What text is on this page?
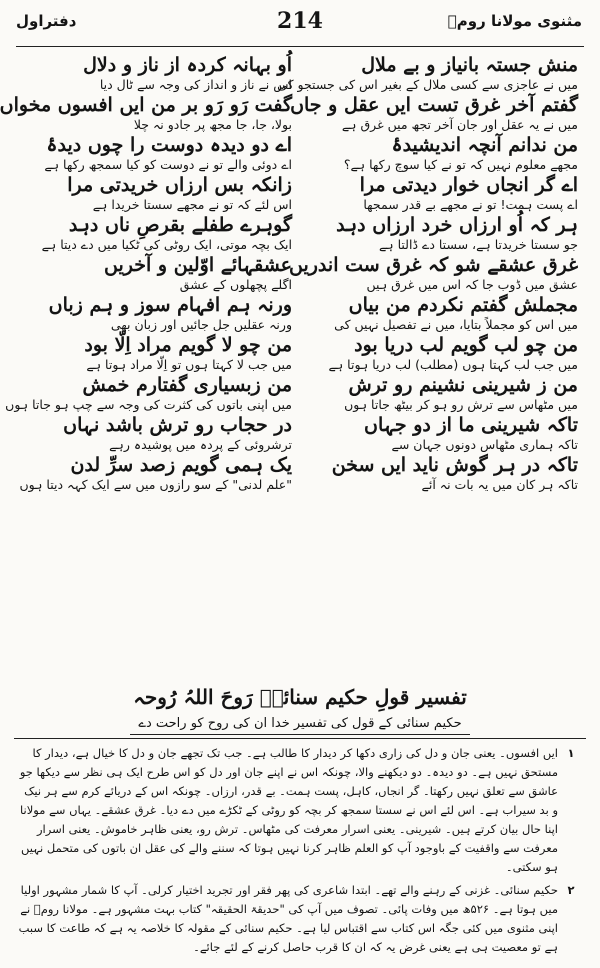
مثنوی مولانا رومؒ
214
دفتراول
منش جستہ بانیاز و بے ملال
اُو بہانہ کردہ از ناز و دلال
میں نے عاجزی سے کسی ملال کے بغیر اس کی جستجو کی
اس نے ناز و انداز کی وجہ سے ٹال دیا
گفتم آخر غرق تست ایں عقل و جاں
گفت رَو رَو بر من ایں افسوں مخواں
میں نے یہ عقل اور جان آخر تجھ میں غرق ہے
بولا، جا، جا مجھ پر جادو نہ چلا
من ندانم آنچہ اندیشیدۂ
اے دو دیدہ دوست را چوں دیدۂ
مجھے معلوم نہیں کہ تو نے کیا سوچ رکھا ہے؟
اے دوئی والے تو نے دوست کو کیا سمجھ رکھا ہے
اے گر انجاں خوار دیدتی مرا
زانکہ بس ارزاں خریدتی مرا
اے پست ہمت! تو نے مجھے بے قدر سمجھا
اس لئے کہ تو نے مجھے سستا خریدا ہے
ہر کہ اُو ارزاں خرد ارزاں دہد
گوہرے طفلے بقرصِ ناں دہد
جو سستا خریدتا ہے، سستا دے ڈالتا ہے
ایک بچہ موتی، ایک روٹی کی ٹکیا میں دے دیتا ہے
غرق عشقے شو کہ غرق ست اندریں
عشقہائے اوّلین و آخریں
عشق میں ڈوب جا کہ اس میں غرق ہیں
اگلے پچھلوں کے عشق
مجملش گفتم نکردم من بیاں
ورنہ ہم افہام سوز و ہم زباں
میں اس کو مجملاً بتایا، میں نے تفصیل نہیں کی
ورنہ عقلیں جل جائیں اور زبان بھی
من چو لب گویم لب دریا بود
من چو لا گویم مراد اِلّا بود
میں جب لب کہتا ہوں (مطلب) لب دریا ہوتا ہے
میں جب لا کہتا ہوں تو اِلّا مراد ہوتا ہے
من ز شیرینی نشینم رو ترش
من زبسیاری گفتارم خمش
میں مٹھاس سے ترش رو ہو کر بیٹھ جاتا ہوں
میں اپنی باتوں کی کثرت کی وجہ سے چپ ہو جاتا ہوں
تاکہ شیرینی ما از دو جہاں
در حجاب رو ترش باشد نہاں
تاکہ ہماری مٹھاس دونوں جہان سے
ترشروئی کے پردہ میں پوشیدہ رہے
تاکہ در ہر گوش ناید ایں سخن
یک ہمی گویم زصد سرِّ لدن
تاکہ ہر کان میں یہ بات نہ آئے
"علم لدنی" کے سو رازوں میں سے ایک کہہ دیتا ہوں
تفسیر قولِ حکیم سنائیؒ رَوحَ اللہُ رُوحہ
حکیم سنائی کے قول کی تفسیر خدا ان کی روح کو راحت دے
۱
ایں افسوں۔ یعنی جان و دل کی زاری دکھا کر دیدار کا طالب ہے۔ جب تک تجھے جان و دل کا خیال ہے، دیدار کا مستحق نہیں ہے۔ دو دیدہ۔ دو دیکھنے والا، چونکہ اس نے اپنے جان اور دل کو اس طرح ایک ہی نظر سے دیکھا جو عاشق سے تعلق نہیں رکھتا۔ گر انجاں، کاہل، پست ہمت۔ بے قدر، ارزاں۔ چونکہ اس کے دریائے کرم سے ہر نیک و بد سیراب ہے۔ اس لئے اس نے سستا سمجھ کر بچہ کو روٹی کے ٹکڑے میں دے دیا۔ غرق عشقے۔ یہاں سے مولانا اپنا حال بیان کرتے ہیں۔ شیرینی۔ یعنی اسرار معرفت کی مٹھاس۔ ترش رو، یعنی ظاہر خاموش۔ یعنی اسرار معرفت سے واقفیت کے باوجود آپ کو العلم ظاہر کرنا نہیں ہوتا کہ سننے والے کی عقل ان باتوں کی متحمل نہیں ہو سکتی۔
۲
حکیم سنائی۔ غزنی کے رہنے والے تھے۔ ابتدا شاعری کی پھر فقر اور تجرید اختیار کرلی۔ آپ کا شمار مشہور اولیا میں ہوتا ہے۔ ۵۲۶ھ میں وفات پائی۔ تصوف میں آپ کی "حدیقۃ الحقیقہ" کتاب بہت مشہور ہے۔ مولانا رومؒ نے اپنی مثنوی میں کئی جگہ اس کتاب سے اقتباس لیا ہے۔ حکیم سنائی کے مقولہ کا خلاصہ یہ ہے کہ طاعت کا سبب ہے تو معصیت ہی ہے یعنی غرض یہ کہ ان کا قرب حاصل کرنے کے لئے جائے۔
